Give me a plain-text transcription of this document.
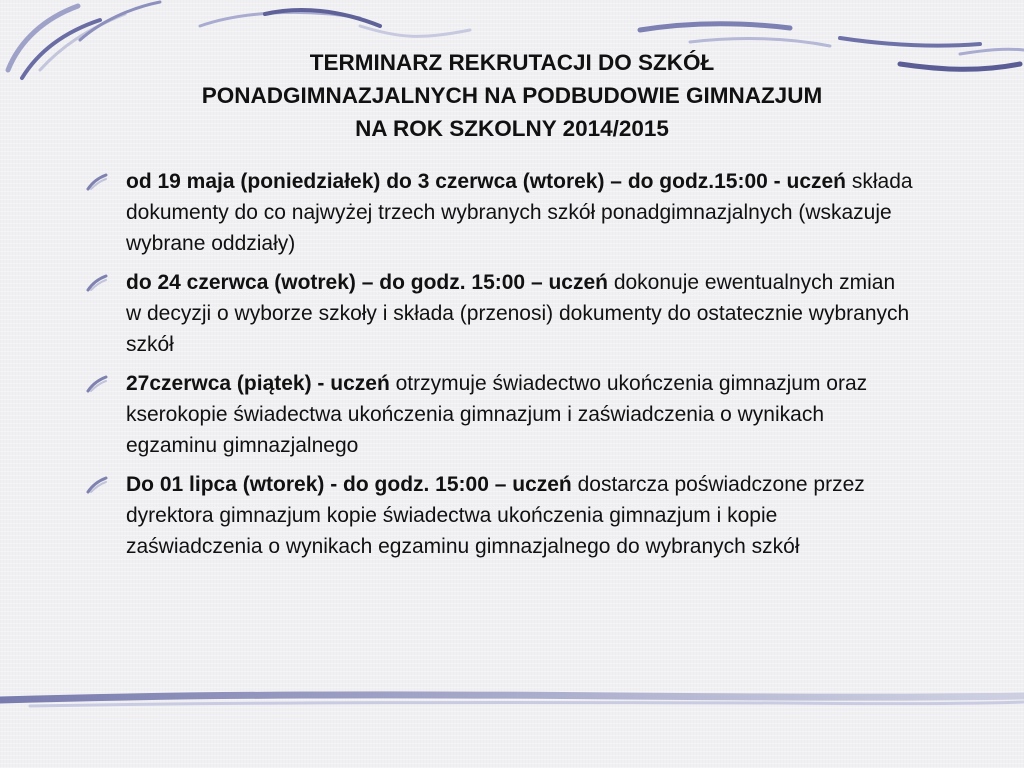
TERMINARZ REKRUTACJI DO SZKÓŁ
PONADGIMNAZJALNYCH NA PODBUDOWIE GIMNAZJUM
NA ROK SZKOLNY 2014/2015
od 19 maja (poniedziałek) do 3 czerwca (wtorek) – do godz.15:00 - uczeń składa dokumenty do co najwyżej trzech wybranych szkół ponadgimnazjalnych (wskazuje wybrane oddziały)
do 24 czerwca (wotrek) – do godz. 15:00 – uczeń dokonuje ewentualnych zmian w decyzji o wyborze szkoły i składa (przenosi) dokumenty do ostatecznie wybranych szkół
27czerwca (piątek) - uczeń otrzymuje świadectwo ukończenia gimnazjum oraz kserokopie świadectwa ukończenia gimnazjum i zaświadczenia o wynikach egzaminu gimnazjalnego
Do 01 lipca (wtorek) - do godz. 15:00 – uczeń dostarcza poświadczone przez dyrektora gimnazjum kopie świadectwa ukończenia gimnazjum i kopie zaświadczenia o wynikach egzaminu gimnazjalnego do wybranych szkół
